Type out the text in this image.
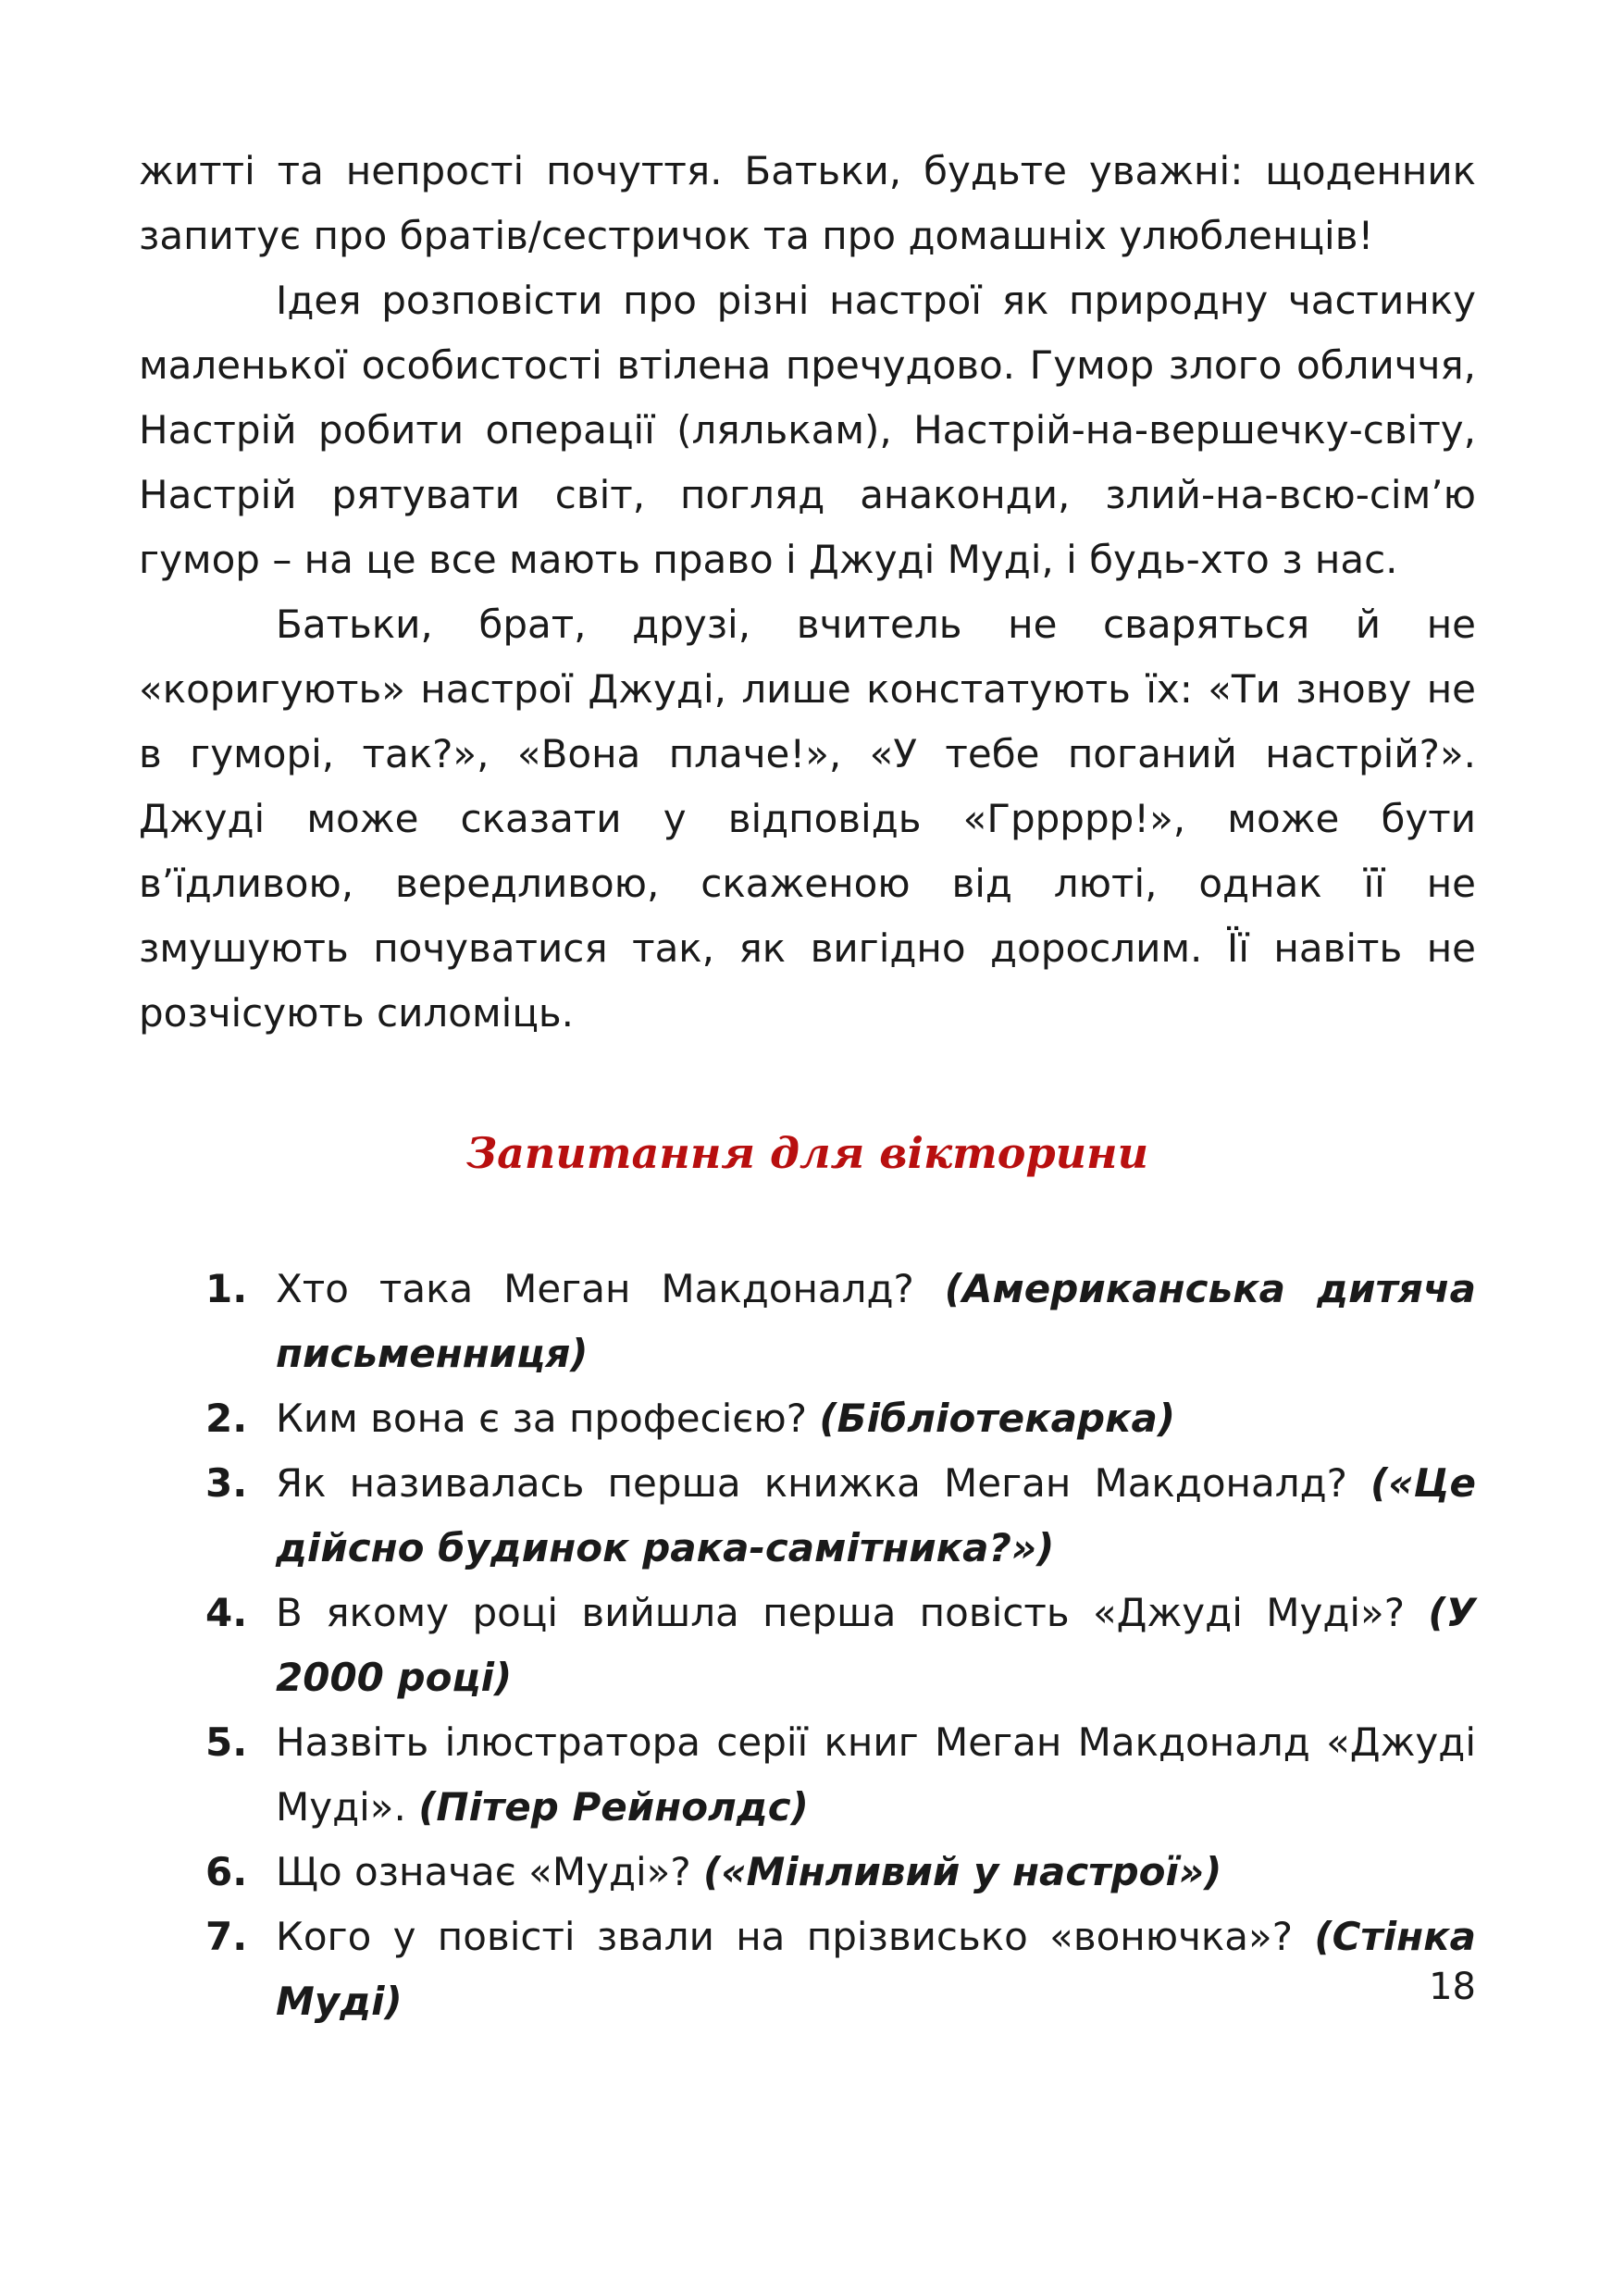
житті та непрості почуття. Батьки, будьте уважні: щоденник запитує про братів/сестричок та про домашніх улюбленців!

Ідея розповісти про різні настрої як природну частинку маленької особистості втілена пречудово. Гумор злого обличчя, Настрій робити операції (лялькам), Настрій-на-вершечку-світу, Настрій рятувати світ, погляд анаконди, злий-на-всю-сім’ю гумор – на це все мають право і Джуді Муді, і будь-хто з нас.

Батьки, брат, друзі, вчитель не сваряться й не «коригують» настрої Джуді, лише констатують їх: «Ти знову не в гуморі, так?», «Вона плаче!», «У тебе поганий настрій?». Джуді може сказати у відповідь «Гррррр!», може бути в’їдливою, вередливою, скаженою від люті, однак її не змушують почуватися так, як вигідно дорослим. Її навіть не розчісують силоміць.

Запитання для вікторини
1. Хто така Меган Макдоналд? (Американська дитяча письменниця)
2. Ким вона є за професією? (Бібліотекарка)
3. Як називалась перша книжка Меган Макдоналд? («Це дійсно будинок рака-самітника?»)
4. В якому році вийшла перша повість «Джуді Муді»? (У 2000 році)
5. Назвіть ілюстратора серії книг Меган Макдоналд «Джуді Муді». (Пітер Рейнолдс)
6. Що означає «Муді»? («Мінливий у настрої»)
7. Кого у повісті звали на прізвисько «вонючка»? (Стінка Муді)	18
